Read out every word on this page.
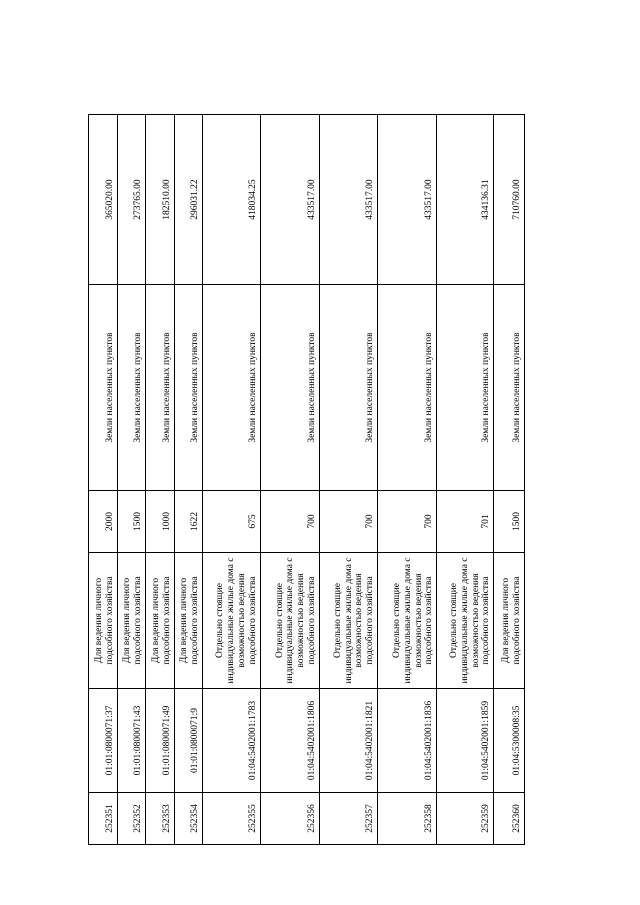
252351	01:01:0800071:37	Для ведения личного подсобного хозяйства	2000	Земли населенных пунктов	365020.00
252352	01:01:0800071:43	Для ведения личного подсобного хозяйства	1500	Земли населенных пунктов	273765.00
252353	01:01:0800071:49	Для ведения личного подсобного хозяйства	1000	Земли населенных пунктов	182510.00
252354	01:01:0800071:9	Для ведения личного подсобного хозяйства	1622	Земли населенных пунктов	296031.22
252355	01:04:5402001:1783	Отдельно стоящие индивидуальные жилые дома с возможностью ведения подсобного хозяйства	675	Земли населенных пунктов	418034.25
252356	01:04:5402001:1806	Отдельно стоящие индивидуальные жилые дома с возможностью ведения подсобного хозяйства	700	Земли населенных пунктов	433517.00
252357	01:04:5402001:1821	Отдельно стоящие индивидуальные жилые дома с возможностью ведения подсобного хозяйства	700	Земли населенных пунктов	433517.00
252358	01:04:5402001:1836	Отдельно стоящие индивидуальные жилые дома с возможностью ведения подсобного хозяйства	700	Земли населенных пунктов	433517.00
252359	01:04:5402001:1859	Отдельно стоящие индивидуальные жилые дома с возможностью ведения подсобного хозяйства	701	Земли населенных пунктов	434136.31
252360	01:04:5300008:35	Для ведения личного подсобного хозяйства	1500	Земли населенных пунктов	710760.00
